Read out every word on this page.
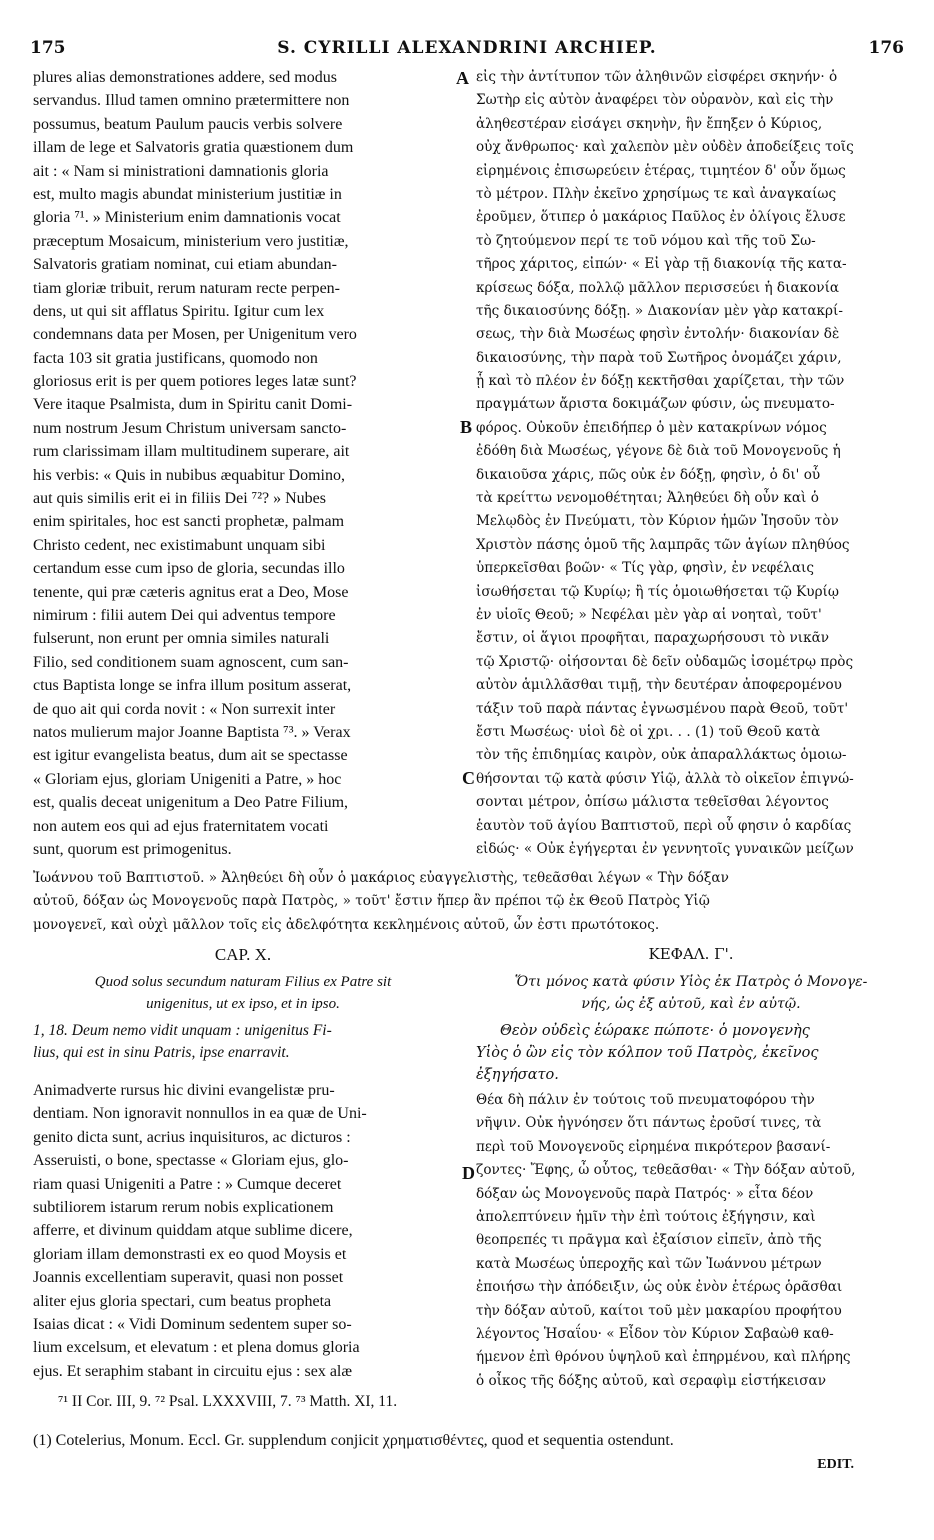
175	S. CYRILLI ALEXANDRINI ARCHIEP.	176
plures alias demonstrationes addere, sed modus
servandus. Illud tamen omnino prætermittere non
possumus, beatum Paulum paucis verbis solvere
illam de lege et Salvatoris gratia quæstionem dum
ait : « Nam si ministrationi damnationis gloria
est, multo magis abundat ministerium justitiæ in
gloria ⁷¹. » Ministerium enim damnationis vocat
præceptum Mosaicum, ministerium vero justitiæ,
Salvatoris gratiam nominat, cui etiam abundan-
tiam gloriæ tribuit, rerum naturam recte perpen-
dens, ut qui sit afflatus Spiritu. Igitur cum lex
condemnans data per Mosen, per Unigenitum vero
facta 103 sit gratia justificans, quomodo non
gloriosus erit is per quem potiores leges latæ sunt?
Vere itaque Psalmista, dum in Spiritu canit Domi-
num nostrum Jesum Christum universam sancto-
rum clarissimam illam multitudinem superare, ait
his verbis: « Quis in nubibus æquabitur Domino,
aut quis similis erit ei in filiis Dei ⁷²? » Nubes
enim spiritales, hoc est sancti prophetæ, palmam
Christo cedent, nec existimabunt unquam sibi
certandum esse cum ipso de gloria, secundas illo
tenente, qui præ cæteris agnitus erat a Deo, Mose
nimirum : filii autem Dei qui adventus tempore
fulserunt, non erunt per omnia similes naturali
Filio, sed conditionem suam agnoscent, cum san-
ctus Baptista longe se infra illum positum asserat,
de quo ait qui corda novit : « Non surrexit inter
natos mulierum major Joanne Baptista ⁷³. » Verax
est igitur evangelista beatus, dum ait se spectasse
« Gloriam ejus, gloriam Unigeniti a Patre, » hoc
est, qualis deceat unigenitum a Deo Patre Filium,
non autem eos qui ad ejus fraternitatem vocati
sunt, quorum est primogenitus.
εἰς τὴν ἀντίτυπον τῶν ἀληθινῶν εἰσφέρει σκηνήν· ὁ
Σωτὴρ εἰς αὐτὸν ἀναφέρει τὸν οὐρανὸν, καὶ εἰς τὴν
ἀληθεστέραν εἰσάγει σκηνὴν, ἣν ἔπηξεν ὁ Κύριος,
οὐχ ἄνθρωπος· καὶ χαλεπὸν μὲν οὐδὲν ἀποδείξεις τοῖς
εἰρημένοις ἐπισωρεύειν ἑτέρας, τιμητέον δ' οὖν ὅμως
τὸ μέτρον. Πλὴν ἐκεῖνο χρησίμως τε καὶ ἀναγκαίως
ἐροῦμεν, ὅτιπερ ὁ μακάριος Παῦλος ἐν ὀλίγοις ἔλυσε
τὸ ζητούμενον περί τε τοῦ νόμου καὶ τῆς τοῦ Σω-
τῆρος χάριτος, εἰπών· « Εἰ γὰρ τῇ διακονίᾳ τῆς κατα-
κρίσεως δόξα, πολλῷ μᾶλλον περισσεύει ἡ διακονία
τῆς δικαιοσύνης δόξῃ. » Διακονίαν μὲν γὰρ κατακρί-
σεως, τὴν διὰ Μωσέως φησὶν ἐντολήν· διακονίαν δὲ
δικαιοσύνης, τὴν παρὰ τοῦ Σωτῆρος ὀνομάζει χάριν,
ᾗ καὶ τὸ πλέον ἐν δόξῃ κεκτῆσθαι χαρίζεται, τὴν τῶν
πραγμάτων ἄριστα δοκιμάζων φύσιν, ὡς πνευματο-
φόρος. Οὐκοῦν ἐπειδήπερ ὁ μὲν κατακρίνων νόμος
ἐδόθη διὰ Μωσέως, γέγονε δὲ διὰ τοῦ Μονογενοῦς ἡ
δικαιοῦσα χάρις, πῶς οὐκ ἐν δόξῃ, φησὶν, ὁ δι' οὗ
τὰ κρείττω νενομοθέτηται; Ἀληθεύει δὴ οὖν καὶ ὁ
Μελῳδὸς ἐν Πνεύματι, τὸν Κύριον ἡμῶν Ἰησοῦν τὸν
Χριστὸν πάσης ὁμοῦ τῆς λαμπρᾶς τῶν ἁγίων πληθύος
ὑπερκεῖσθαι βοῶν· « Τίς γὰρ, φησὶν, ἐν νεφέλαις
ἰσωθήσεται τῷ Κυρίῳ; ἢ τίς ὁμοιωθήσεται τῷ Κυρίῳ
ἐν υἱοῖς Θεοῦ; » Νεφέλαι μὲν γὰρ αἱ νοηταὶ, τοῦτ'
ἔστιν, οἱ ἅγιοι προφῆται, παραχωρήσουσι τὸ νικᾶν
τῷ Χριστῷ· οἰήσονται δὲ δεῖν οὐδαμῶς ἰσομέτρῳ πρὸς
αὐτὸν ἁμιλλᾶσθαι τιμῇ, τὴν δευτέραν ἀποφερομένου
τάξιν τοῦ παρὰ πάντας ἐγνωσμένου παρὰ Θεοῦ, τοῦτ'
ἔστι Μωσέως· υἱοὶ δὲ οἱ χρι. . . (1) τοῦ Θεοῦ κατὰ
τὸν τῆς ἐπιδημίας καιρὸν, οὐκ ἀπαραλλάκτως ὁμοιω-
θήσονται τῷ κατὰ φύσιν Υἱῷ, ἀλλὰ τὸ οἰκεῖον ἐπιγνώ-
σονται μέτρον, ὀπίσω μάλιστα τεθεῖσθαι λέγοντος
ἑαυτὸν τοῦ ἁγίου Βαπτιστοῦ, περὶ οὗ φησιν ὁ καρδίας
εἰδώς· « Οὐκ ἐγήγερται ἐν γεννητοῖς γυναικῶν μείζων
A
B
C
D
Ἰωάννου τοῦ Βαπτιστοῦ. » Ἀληθεύει δὴ οὖν ὁ μακάριος εὐαγγελιστὴς, τεθεᾶσθαι λέγων « Τὴν δόξαν
αὐτοῦ, δόξαν ὡς Μονογενοῦς παρὰ Πατρὸς, » τοῦτ' ἔστιν ἥπερ ἂν πρέποι τῷ ἐκ Θεοῦ Πατρὸς Υἱῷ
μονογενεῖ, καὶ οὐχὶ μᾶλλον τοῖς εἰς ἀδελφότητα κεκλημένοις αὐτοῦ, ὧν ἐστι πρωτότοκος.
CAP. X.
Quod solus secundum naturam Filius ex Patre sit
unigenitus, ut ex ipso, et in ipso.
1, 18. Deum nemo vidit unquam : unigenitus Fi-
lius, qui est in sinu Patris, ipse enarravit.
ΚΕΦΑΛ. Γ'.
Ὅτι μόνος κατὰ φύσιν Υἱὸς ἐκ Πατρὸς ὁ Μονογε-
νής, ὡς ἐξ αὐτοῦ, καὶ ἐν αὐτῷ.
Θεὸν οὐδεὶς ἑώρακε πώποτε· ὁ μονογενὴς
Υἱὸς ὁ ὢν εἰς τὸν κόλπον τοῦ Πατρὸς, ἐκεῖνος
ἐξηγήσατο.
Animadverte rursus hic divini evangelistæ pru-
dentiam. Non ignoravit nonnullos in ea quæ de Uni-
genito dicta sunt, acrius inquisituros, ac dicturos :
Asseruisti, o bone, spectasse « Gloriam ejus, glo-
riam quasi Unigeniti a Patre : » Cumque deceret
subtiliorem istarum rerum nobis explicationem
afferre, et divinum quiddam atque sublime dicere,
gloriam illam demonstrasti ex eo quod Moysis et
Joannis excellentiam superavit, quasi non posset
aliter ejus gloria spectari, cum beatus propheta
Isaias dicat : « Vidi Dominum sedentem super so-
lium excelsum, et elevatum : et plena domus gloria
ejus. Et seraphim stabant in circuitu ejus : sex alæ
Θέα δὴ πάλιν ἐν τούτοις τοῦ πνευματοφόρου τὴν
νῆψιν. Οὐκ ἠγνόησεν ὅτι πάντως ἐροῦσί τινες, τὰ
περὶ τοῦ Μονογενοῦς εἰρημένα πικρότερον βασανί-
ζοντες· Ἔφης, ὦ οὗτος, τεθεᾶσθαι· « Τὴν δόξαν αὐτοῦ,
δόξαν ὡς Μονογενοῦς παρὰ Πατρός· » εἶτα δέον
ἀπολεπτύνειν ἡμῖν τὴν ἐπὶ τούτοις ἐξήγησιν, καὶ
θεοπρεπές τι πρᾶγμα καὶ ἐξαίσιον εἰπεῖν, ἀπὸ τῆς
κατὰ Μωσέως ὑπεροχῆς καὶ τῶν Ἰωάννου μέτρων
ἐποιήσω τὴν ἀπόδειξιν, ὡς οὐκ ἐνὸν ἑτέρως ὁρᾶσθαι
τὴν δόξαν αὐτοῦ, καίτοι τοῦ μὲν μακαρίου προφήτου
λέγοντος Ἡσαΐου· « Εἶδον τὸν Κύριον Σαβαὼθ καθ-
ήμενον ἐπὶ θρόνου ὑψηλοῦ καὶ ἐπηρμένου, καὶ πλήρης
ὁ οἶκος τῆς δόξης αὐτοῦ, καὶ σεραφὶμ εἱστήκεισαν
⁷¹ II Cor. III, 9. ⁷² Psal. LXXXVIII, 7. ⁷³ Matth. XI, 11.
(1) Cotelerius, Monum. Eccl. Gr. supplendum conjicit χρηματισθέντες, quod et sequentia ostendunt.
EDIT.
